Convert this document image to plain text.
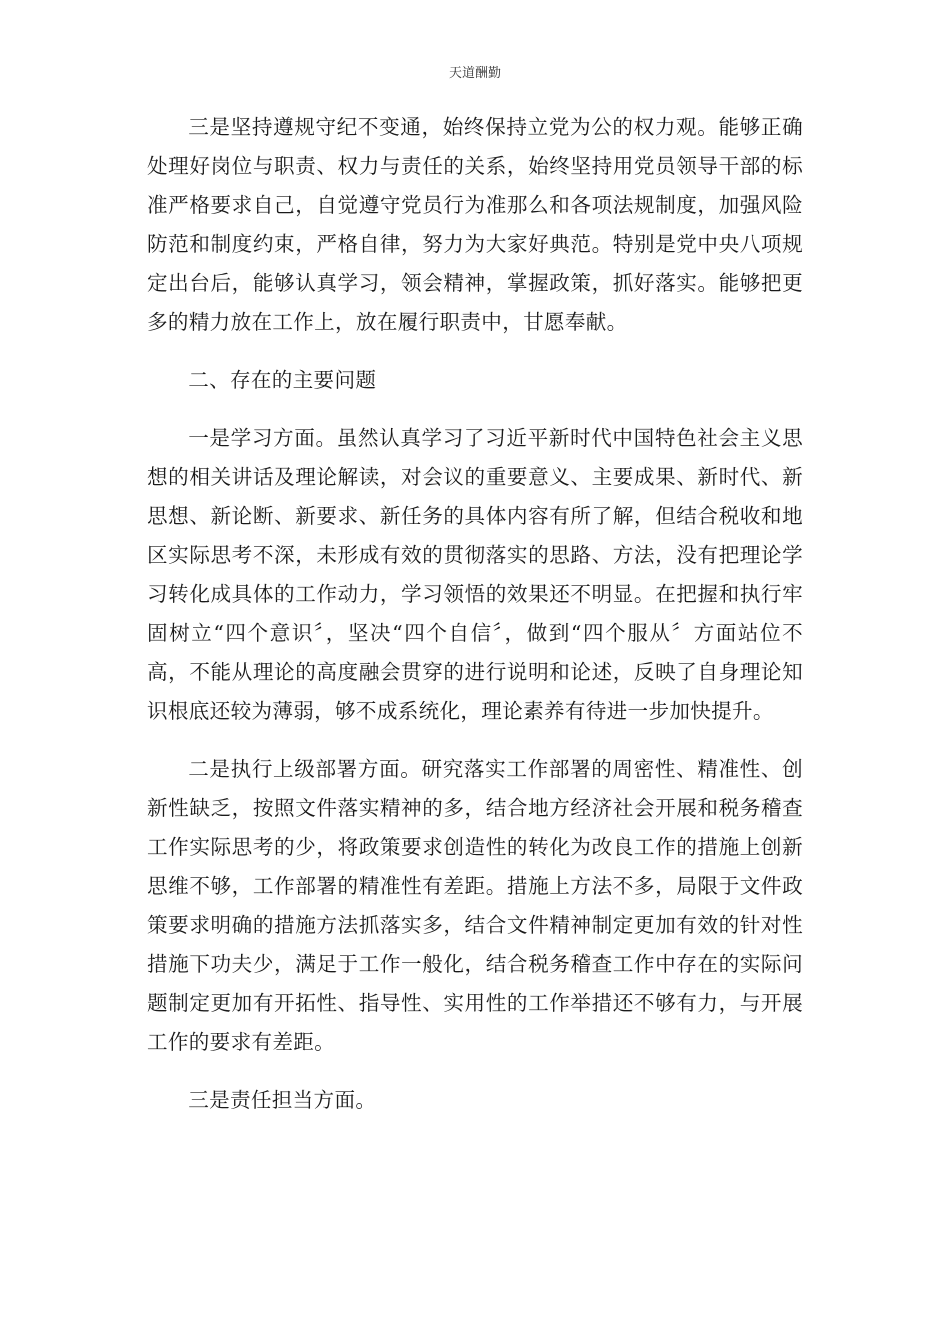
天道酬勤

三是坚持遵规守纪不变通，始终保持立党为公的权力观。能够正确处理好岗位与职责、权力与责任的关系，始终坚持用党员领导干部的标准严格要求自己，自觉遵守党员行为准那么和各项法规制度，加强风险防范和制度约束，严格自律，努力为大家好典范。特别是党中央八项规定出台后，能够认真学习，领会精神，掌握政策，抓好落实。能够把更多的精力放在工作上，放在履行职责中，甘愿奉献。

二、存在的主要问题

一是学习方面。虽然认真学习了习近平新时代中国特色社会主义思想的相关讲话及理论解读，对会议的重要意义、主要成果、新时代、新思想、新论断、新要求、新任务的具体内容有所了解，但结合税收和地区实际思考不深，未形成有效的贯彻落实的思路、方法，没有把理论学习转化成具体的工作动力，学习领悟的效果还不明显。在把握和执行牢固树立“四个意识〞，坚决“四个自信〞，做到“四个服从〞方面站位不高，不能从理论的高度融会贯穿的进行说明和论述，反映了自身理论知识根底还较为薄弱，够不成系统化，理论素养有待进一步加快提升。

二是执行上级部署方面。研究落实工作部署的周密性、精准性、创新性缺乏，按照文件落实精神的多，结合地方经济社会开展和税务稽查工作实际思考的少，将政策要求创造性的转化为改良工作的措施上创新思维不够，工作部署的精准性有差距。措施上方法不多，局限于文件政策要求明确的措施方法抓落实多，结合文件精神制定更加有效的针对性措施下功夫少，满足于工作一般化，结合税务稽查工作中存在的实际问题制定更加有开拓性、指导性、实用性的工作举措还不够有力，与开展工作的要求有差距。

三是责任担当方面。
